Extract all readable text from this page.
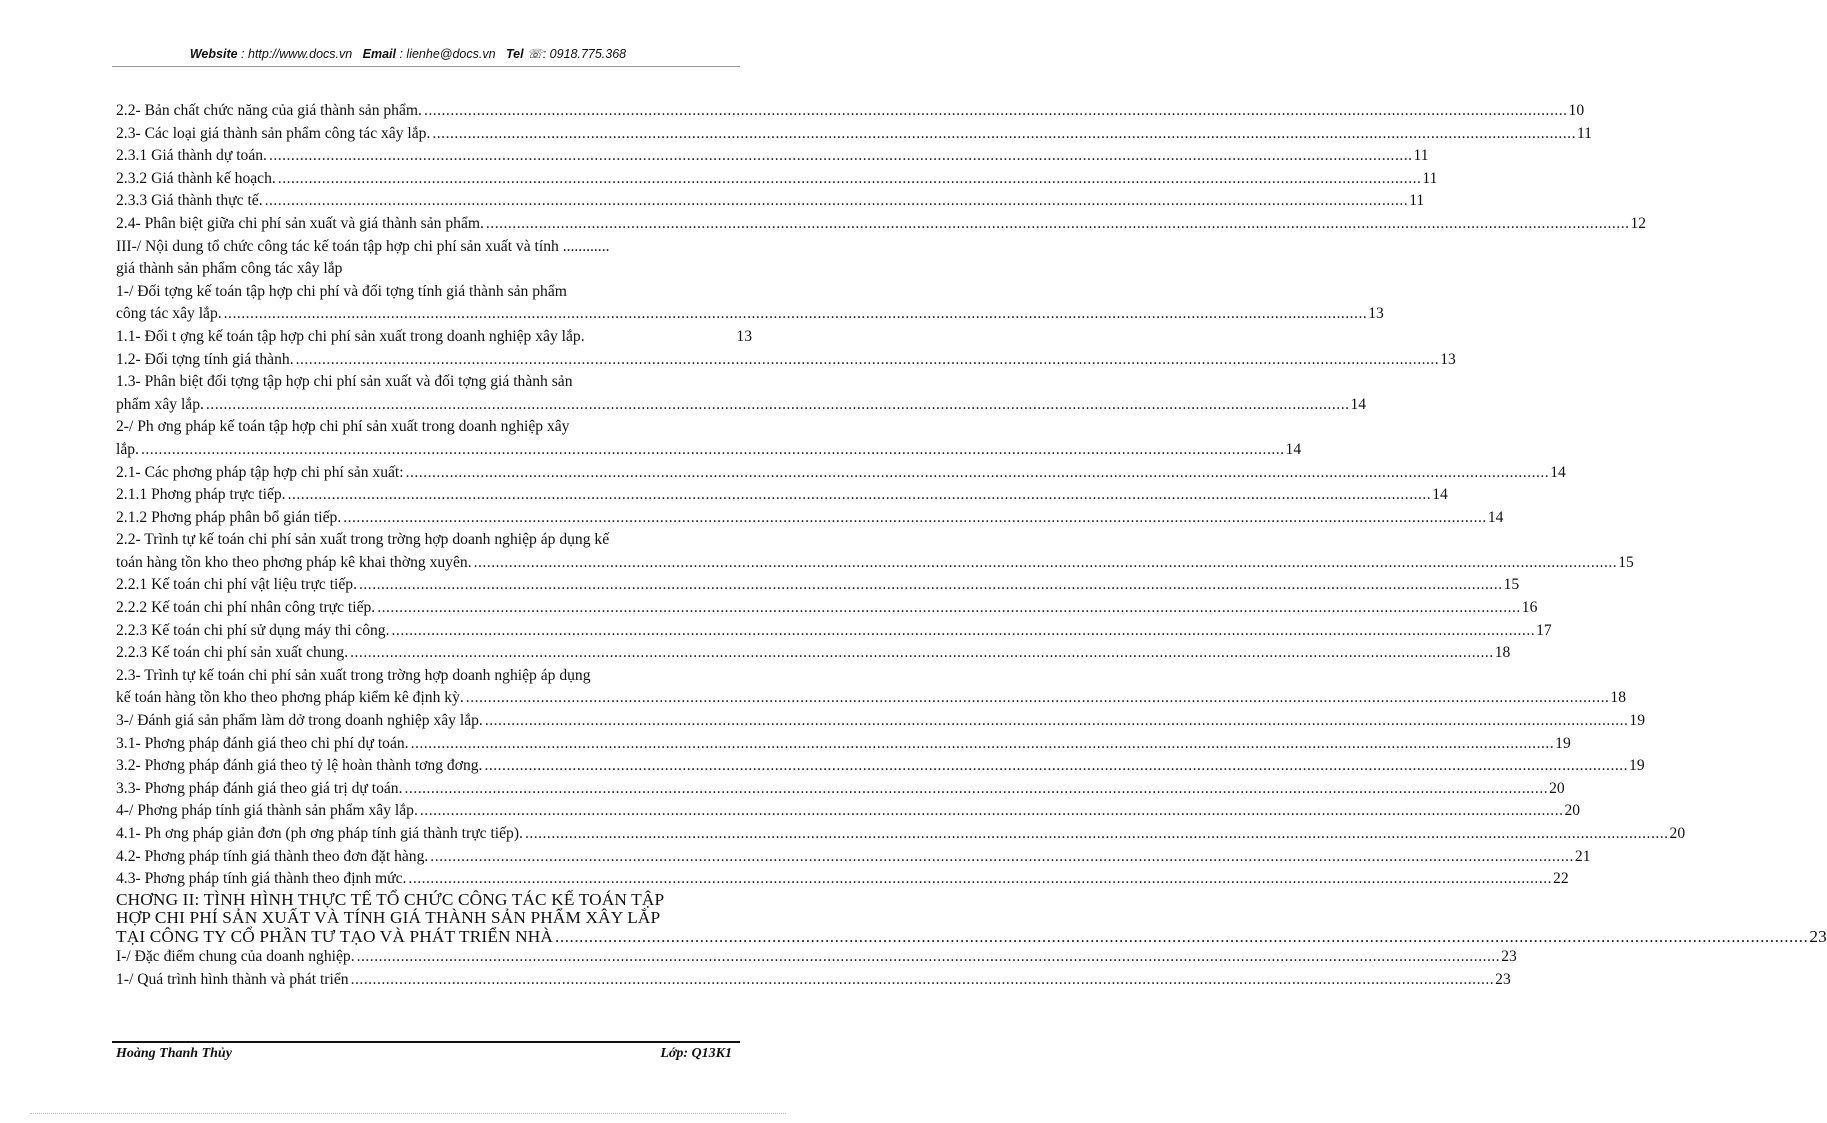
Website : http://www.docs.vn Email : lienhe@docs.vn Tel ☏: 0918.775.368
2.2- Bản chất chức năng của giá thành sản phẩm. .................................................................................................................................................................................................................................................................... 10
2.3- Các loại giá thành sản phẩm công tác xây lắp. .................................................................................................................................................................................................................................................................... 11
2.3.1 Giá thành dự toán. .................................................................................................................................................................................................................................................................... 11
2.3.2 Giá thành kế hoạch. .................................................................................................................................................................................................................................................................... 11
2.3.3 Giá thành thực tế. .................................................................................................................................................................................................................................................................... 11
2.4- Phân biệt giữa chi phí sản xuất và giá thành sản phẩm. .................................................................................................................................................................................................................................................................... 12
III-/ Nội dung tổ chức công tác kế toán tập hợp chi phí sản xuất và tính ............
giá thành sản phẩm công tác xây lắp
1-/ Đối tợng kế toán tập hợp chi phí và đối tợng tính giá thành sản phẩm
công tác xây lắp. .................................................................................................................................................................................................................................................................... 13
1.1- Đối t ợng kế toán tập hợp chi phí sản xuất trong doanh nghiệp xây lắp.	13
1.2- Đối tợng tính giá thành. .................................................................................................................................................................................................................................................................... 13
1.3- Phân biệt đối tợng tập hợp chi phí sản xuất và đối tợng giá thành sản
phẩm xây lắp. .................................................................................................................................................................................................................................................................... 14
2-/ Ph ơng pháp kế toán tập hợp chi phí sản xuất trong doanh nghiệp xây
lắp. .................................................................................................................................................................................................................................................................... 14
2.1- Các phơng pháp tập hợp chi phí sản xuất: .................................................................................................................................................................................................................................................................... 14
2.1.1 Phơng pháp trực tiếp. .................................................................................................................................................................................................................................................................... 14
2.1.2 Phơng pháp phân bổ gián tiếp. .................................................................................................................................................................................................................................................................... 14
2.2- Trình tự kế toán chi phí sản xuất trong trờng hợp doanh nghiệp áp dụng kế
toán hàng tồn kho theo phơng pháp kê khai thờng xuyên. .................................................................................................................................................................................................................................................................... 15
2.2.1 Kế toán chi phí vật liệu trực tiếp. .................................................................................................................................................................................................................................................................... 15
2.2.2 Kế toán chi phí nhân công trực tiếp. .................................................................................................................................................................................................................................................................... 16
2.2.3 Kế toán chi phí sử dụng máy thi công. .................................................................................................................................................................................................................................................................... 17
2.2.3 Kế toán chi phí sản xuất chung. .................................................................................................................................................................................................................................................................... 18
2.3- Trình tự kế toán chi phí sản xuất trong trờng hợp doanh nghiệp áp dụng
kế toán hàng tồn kho theo phơng pháp kiểm kê định kỳ. .................................................................................................................................................................................................................................................................... 18
3-/ Đánh giá sản phẩm làm dở trong doanh nghiệp xây lắp. .................................................................................................................................................................................................................................................................... 19
3.1- Phơng pháp đánh giá theo chi phí dự toán. .................................................................................................................................................................................................................................................................... 19
3.2- Phơng pháp đánh giá theo tỷ lệ hoàn thành tơng đơng. .................................................................................................................................................................................................................................................................... 19
3.3- Phơng pháp đánh giá theo giá trị dự toán. .................................................................................................................................................................................................................................................................... 20
4-/ Phơng pháp tính giá thành sản phẩm xây lắp. .................................................................................................................................................................................................................................................................... 20
4.1- Ph ơng pháp giản đơn (ph ơng pháp tính giá thành trực tiếp). .................................................................................................................................................................................................................................................................... 20
4.2- Phơng pháp tính giá thành theo đơn đặt hàng. .................................................................................................................................................................................................................................................................... 21
4.3- Phơng pháp tính giá thành theo định mức. .................................................................................................................................................................................................................................................................... 22
CHƠNG II: TÌNH HÌNH THỰC TẾ TỔ CHỨC CÔNG TÁC KẾ TOÁN TẬP
HỢP CHI PHÍ SẢN XUẤT VÀ TÍNH GIÁ THÀNH SẢN PHẨM XÂY LẮP
TẠI CÔNG TY CỔ PHẦN TƯ TẠO VÀ PHÁT TRIỂN NHÀ .................................................................................................................................................................................................................................................................... 23
I-/ Đặc điểm chung của doanh nghiệp. .................................................................................................................................................................................................................................................................... 23
1-/ Quá trình hình thành và phát triển .................................................................................................................................................................................................................................................................... 23
Hoàng Thanh Thủy	Lớp: Q13K1
